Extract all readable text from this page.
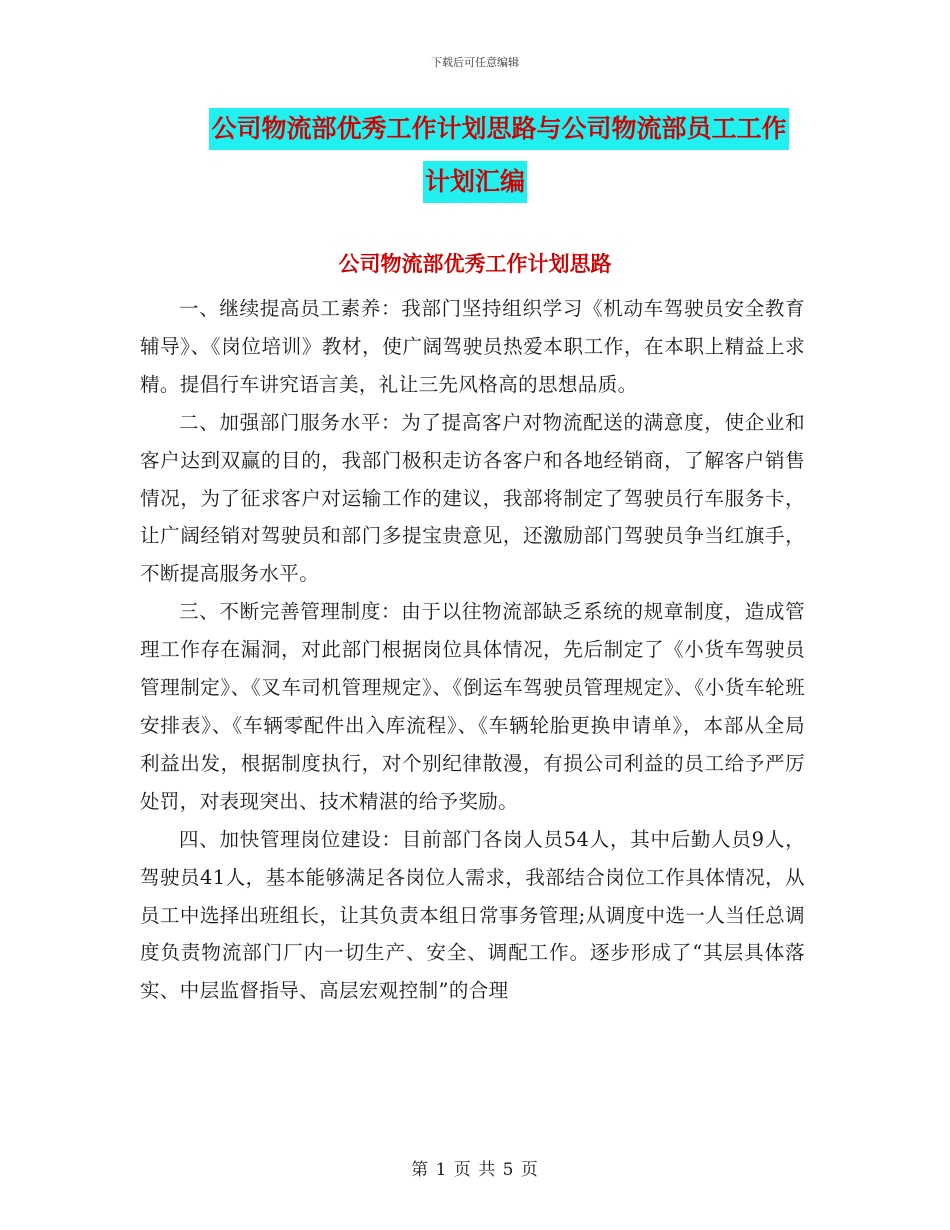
下载后可任意编辑
公司物流部优秀工作计划思路与公司物流部员工工作
计划汇编
公司物流部优秀工作计划思路

一、继续提高员工素养：我部门坚持组织学习《机动车驾驶员安全教育辅导》、《岗位培训》教材，使广阔驾驶员热爱本职工作，在本职上精益上求精。提倡行车讲究语言美，礼让三先风格高的思想品质。

二、加强部门服务水平：为了提高客户对物流配送的满意度，使企业和客户达到双赢的目的，我部门极积走访各客户和各地经销商，了解客户销售情况，为了征求客户对运输工作的建议，我部将制定了驾驶员行车服务卡，让广阔经销对驾驶员和部门多提宝贵意见，还激励部门驾驶员争当红旗手，不断提高服务水平。

三、不断完善管理制度：由于以往物流部缺乏系统的规章制度，造成管理工作存在漏洞，对此部门根据岗位具体情况，先后制定了《小货车驾驶员管理制定》、《叉车司机管理规定》、《倒运车驾驶员管理规定》、《小货车轮班安排表》、《车辆零配件出入库流程》、《车辆轮胎更换申请单》，本部从全局利益出发，根据制度执行，对个别纪律散漫，有损公司利益的员工给予严厉处罚，对表现突出、技术精湛的给予奖励。

四、加快管理岗位建设：目前部门各岗人员54人，其中后勤人员9人，驾驶员41人，基本能够满足各岗位人需求，我部结合岗位工作具体情况，从员工中选择出班组长，让其负责本组日常事务管理;从调度中选一人当任总调度负责物流部门厂内一切生产、安全、调配工作。逐步形成了“其层具体落实、中层监督指导、高层宏观控制”的合理

第 1 页 共 5 页
